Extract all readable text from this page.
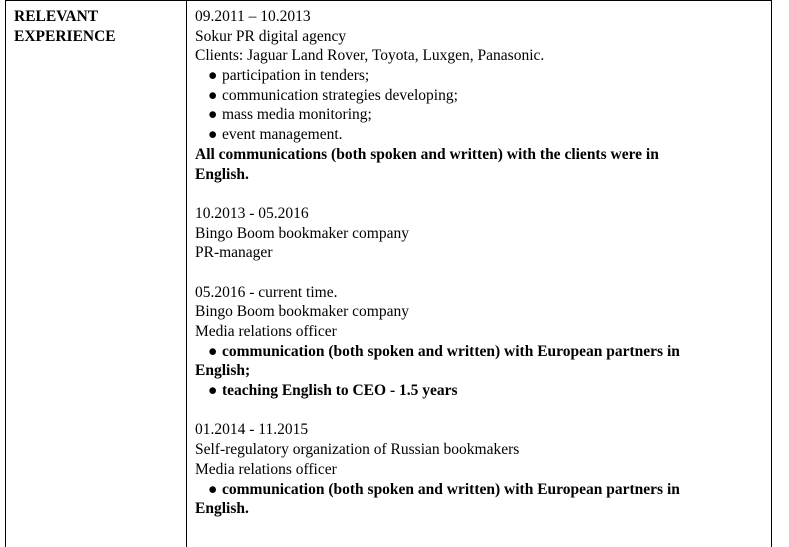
RELEVANT
EXPERIENCE
09.2011 – 10.2013
Sokur PR digital agency
Clients: Jaguar Land Rover, Toyota, Luxgen, Panasonic.
● participation in tenders;
● communication strategies developing;
● mass media monitoring;
● event management.
All communications (both spoken and written) with the clients were in
English.
10.2013 - 05.2016
Bingo Boom bookmaker company
PR-manager
05.2016 - current time.
Bingo Boom bookmaker company
Media relations officer
● communication (both spoken and written) with European partners in
English;
● teaching English to CEO - 1.5 years
01.2014 - 11.2015
Self-regulatory organization of Russian bookmakers
Media relations officer
● communication (both spoken and written) with European partners in
English.
